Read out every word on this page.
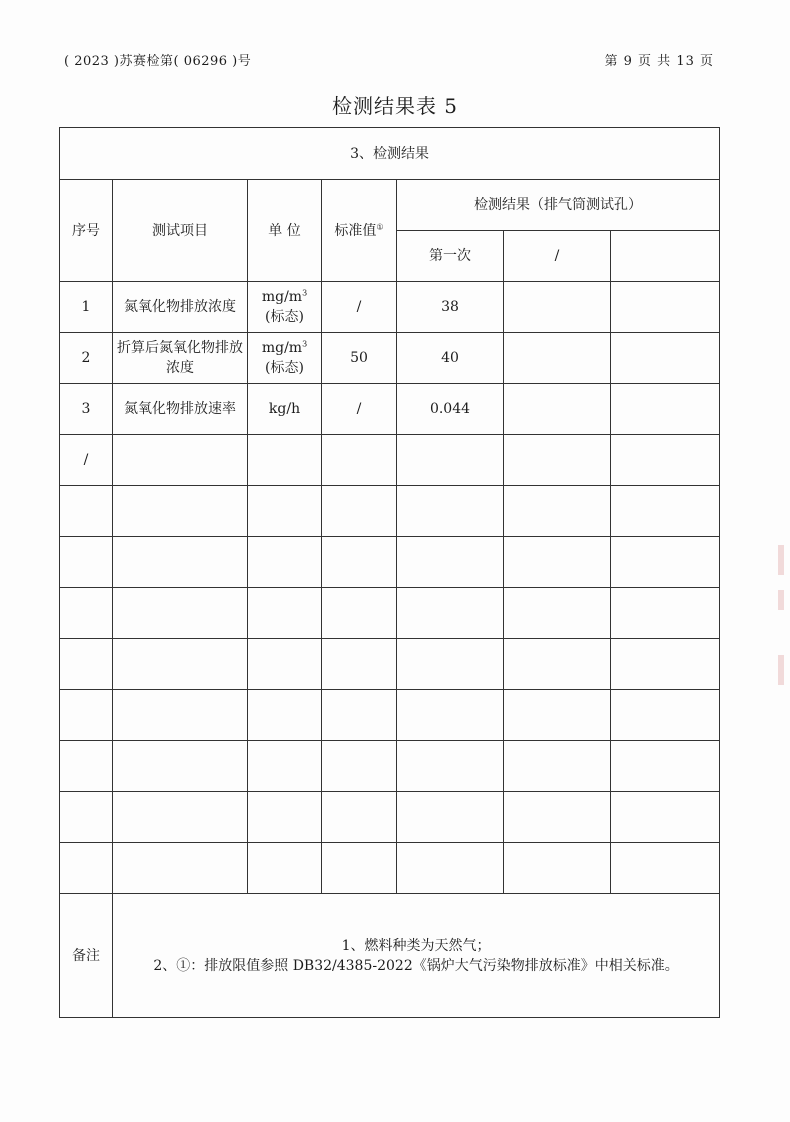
( 2023 )苏赛检第( 06296 )号	第 9 页 共 13 页
检测结果表 5
3、检测结果						
序号	测试项目	单 位	标准值①	检测结果（排气筒测试孔）		
				第一次	/	
1	氮氧化物排放浓度	$mg/m^3$
(标态)	/	38		
2	折算后氮氧化物排放浓度	$mg/m^3$
(标态)	50	40		
3	氮氧化物排放速率	kg/h	/	0.044		
/		

备注	1、燃料种类为天然气；
2、①：排放限值参照 DB32/4385-2022《锅炉大气污染物排放标准》中相关标准。					
